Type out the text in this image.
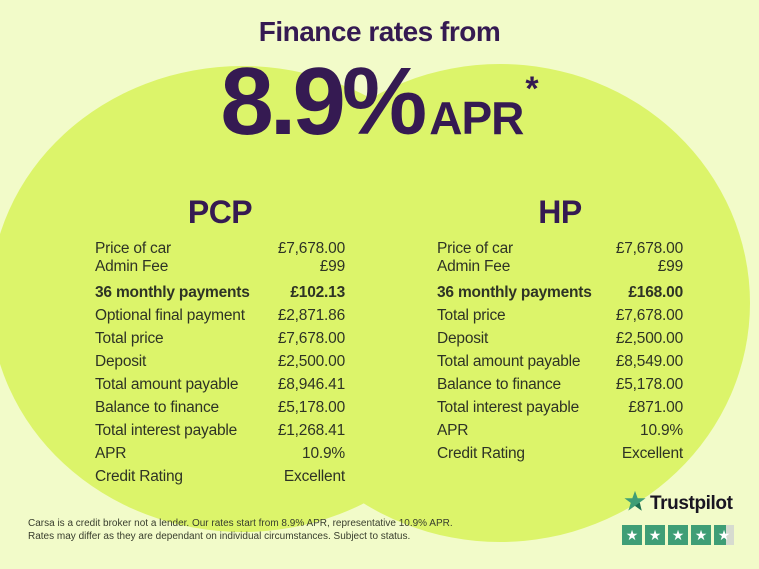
Finance rates from
8.9% APR
*
PCP
Price of car	£7,678.00
Admin Fee	£99
36 monthly payments	£102.13
Optional final payment £2,871.86
Total price	£7,678.00
Deposit	£2,500.00
Total amount payable	£8,946.41
Balance to finance	£5,178.00
Total interest payable	£1,268.41
APR	10.9%
Credit Rating	Excellent
HP
Price of car	£7,678.00
Admin Fee	£99
36 monthly payments £168.00
Total price	£7,678.00
Deposit	£2,500.00
Total amount payable £8,549.00
Balance to finance	£5,178.00
Total interest payable	£871.00
APR	10.9%
Credit Rating	Excellent
Carsa is a credit broker not a lender. Our rates start from 8.9% APR, representative 10.9% APR.
Rates may differ as they are dependant on individual circumstances. Subject to status.
Trustpilot
★ ★ ★ ★ ★
